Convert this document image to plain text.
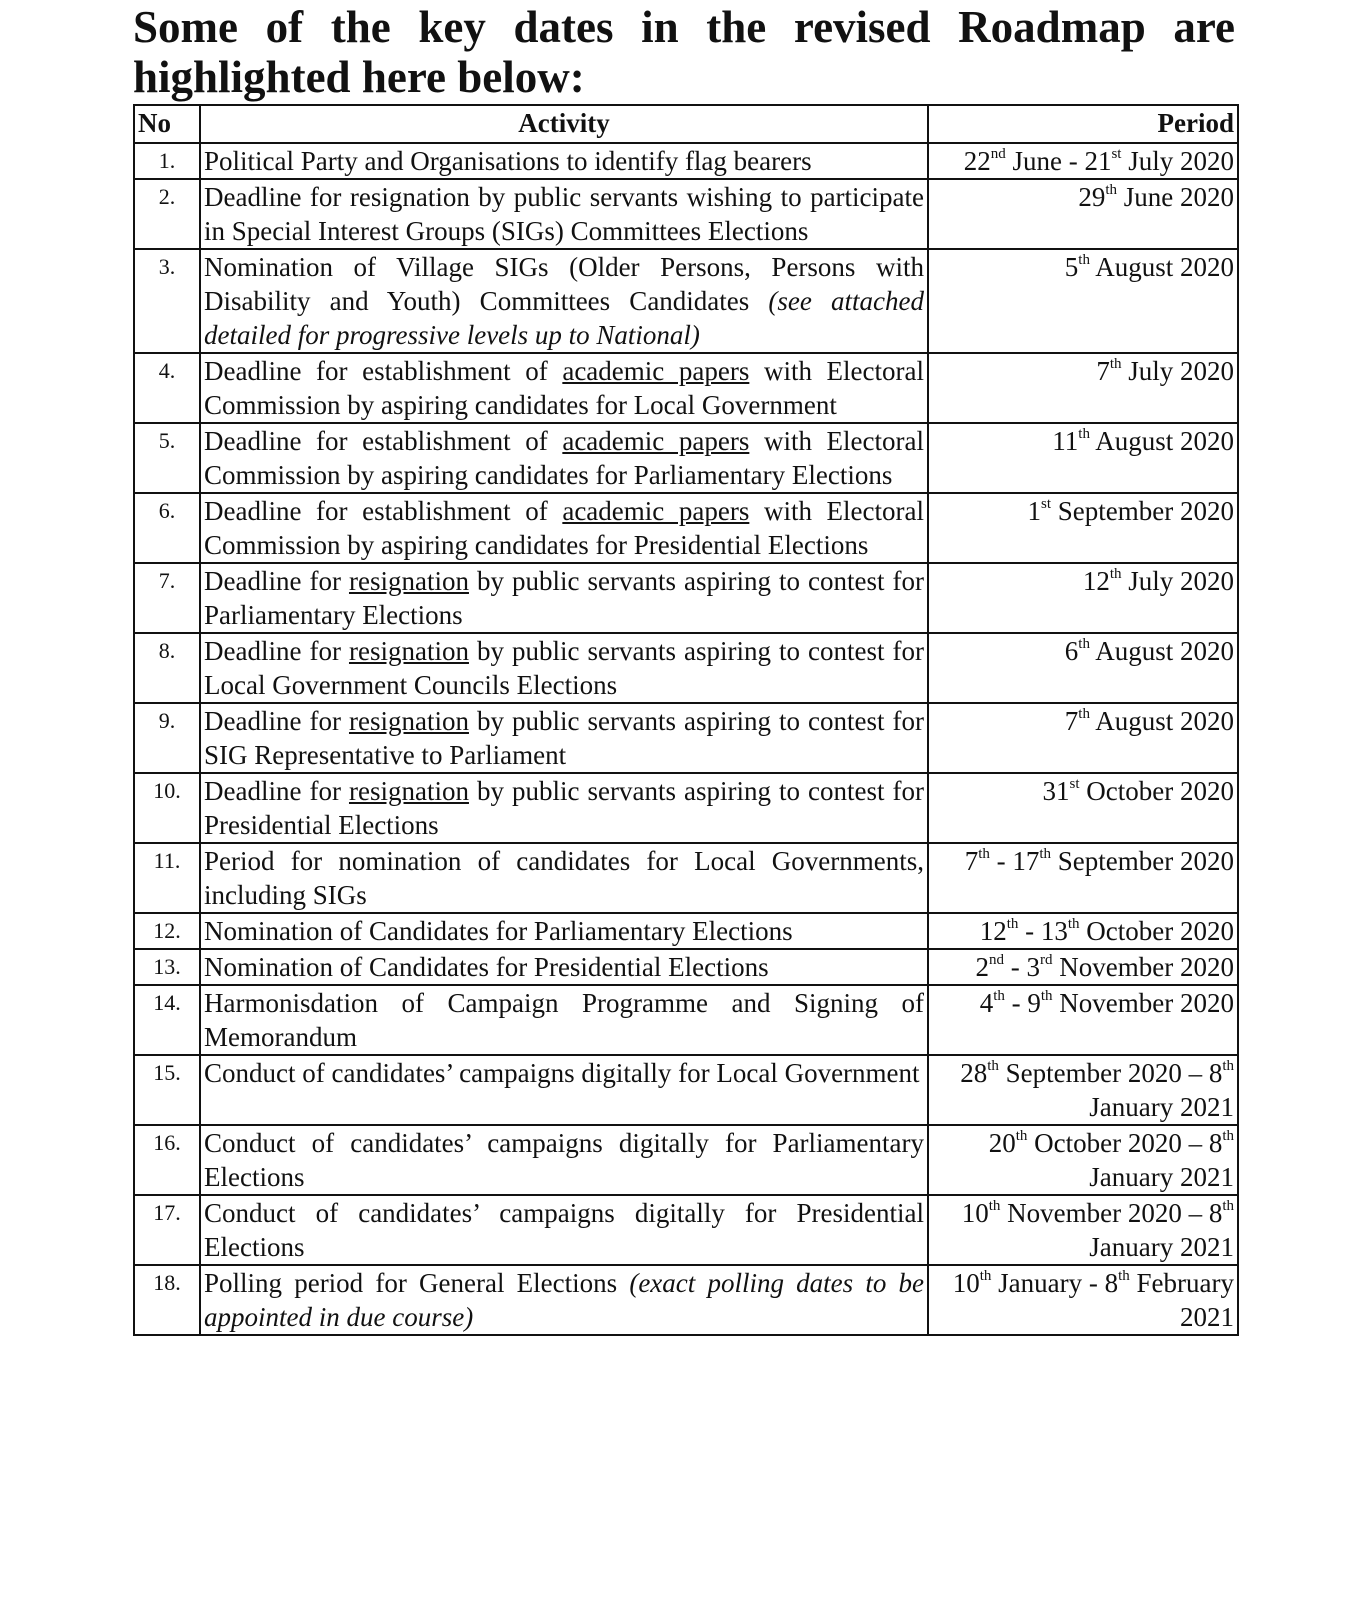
Some of the key dates in the revised Roadmap are highlighted here below:
No	Activity	Period
1.	Political Party and Organisations to identify flag bearers	22nd June - 21st July 2020
2.	Deadline for resignation by public servants wishing to participate in Special Interest Groups (SIGs) Committees Elections	29th June 2020
3.	Nomination of Village SIGs (Older Persons, Persons with Disability and Youth) Committees Candidates (see attached detailed for progressive levels up to National)	5th August 2020
4.	Deadline for establishment of academic papers with Electoral Commission by aspiring candidates for Local Government	7th July 2020
5.	Deadline for establishment of academic papers with Electoral Commission by aspiring candidates for Parliamentary Elections	11th August 2020
6.	Deadline for establishment of academic papers with Electoral Commission by aspiring candidates for Presidential Elections	1st September 2020
7.	Deadline for resignation by public servants aspiring to contest for Parliamentary Elections	12th July 2020
8.	Deadline for resignation by public servants aspiring to contest for Local Government Councils Elections	6th August 2020
9.	Deadline for resignation by public servants aspiring to contest for SIG Representative to Parliament	7th August 2020
10.	Deadline for resignation by public servants aspiring to contest for Presidential Elections	31st October 2020
11.	Period for nomination of candidates for Local Governments, including SIGs	7th - 17th September 2020
12.	Nomination of Candidates for Parliamentary Elections	12th - 13th October 2020
13.	Nomination of Candidates for Presidential Elections	2nd - 3rd November 2020
14.	Harmonisdation of Campaign Programme and Signing of Memorandum	4th - 9th November 2020
15.	Conduct of candidates’ campaigns digitally for Local Government	28th September 2020 – 8th January 2021
16.	Conduct of candidates’ campaigns digitally for Parliamentary Elections	20th October 2020 – 8th January 2021
17.	Conduct of candidates’ campaigns digitally for Presidential Elections	10th November 2020 – 8th January 2021
18.	Polling period for General Elections (exact polling dates to be appointed in due course)	10th January - 8th February 2021
